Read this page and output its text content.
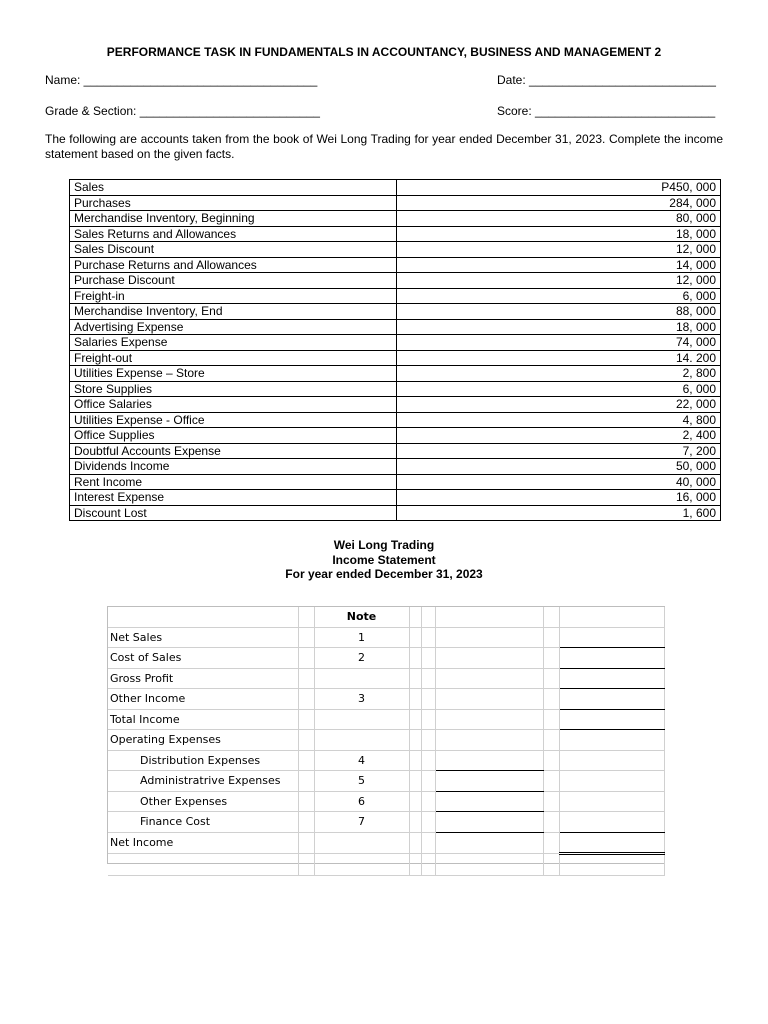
PERFORMANCE TASK IN FUNDAMENTALS IN ACCOUNTANCY, BUSINESS AND MANAGEMENT 2
Name: ___________________________________	Date: ____________________________
Grade & Section: ___________________________	Score: ___________________________
The following are accounts taken from the book of Wei Long Trading for year ended December 31, 2023. Complete the income statement based on the given facts.
Sales	P450, 000
Purchases	284, 000
Merchandise Inventory, Beginning	80, 000
Sales Returns and Allowances	18, 000
Sales Discount	12, 000
Purchase Returns and Allowances	14, 000
Purchase Discount	12, 000
Freight-in	6, 000
Merchandise Inventory, End	88, 000
Advertising Expense	18, 000
Salaries Expense	74, 000
Freight-out	14. 200
Utilities Expense – Store	2, 800
Store Supplies	6, 000
Office Salaries	22, 000
Utilities Expense - Office	4, 800
Office Supplies	2, 400
Doubtful Accounts Expense	7, 200
Dividends Income	50, 000
Rent Income	40, 000
Interest Expense	16, 000
Discount Lost	1, 600
Wei Long Trading
Income Statement
For year ended December 31, 2023
		Note					
Net Sales		1					
Cost of Sales		2					
Gross Profit							
Other Income		3					
Total Income							
Operating Expenses							
Distribution Expenses		4					
Administratrive Expenses		5					
Other Expenses		6					
Finance Cost		7					
Net Income							
